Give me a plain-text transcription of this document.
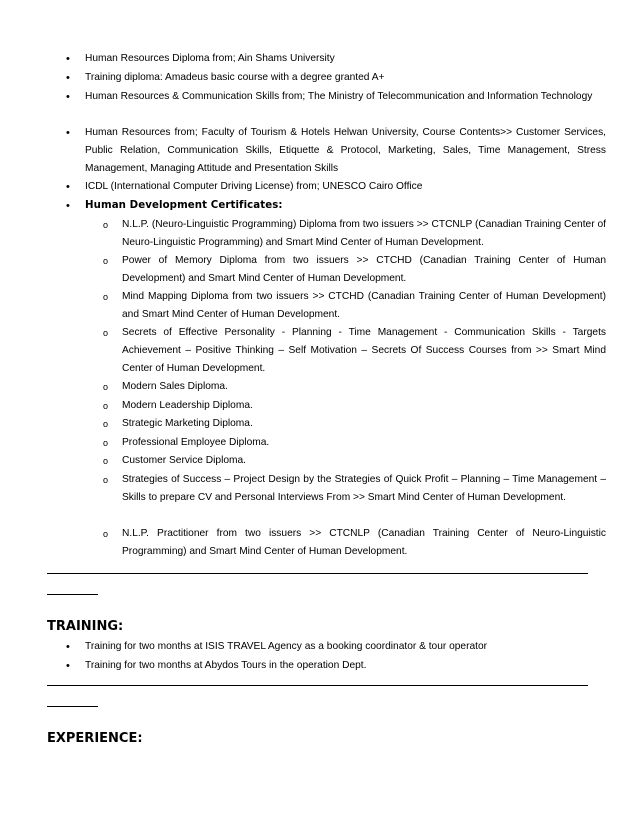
• Human Resources Diploma from; Ain Shams University
• Training diploma: Amadeus basic course with a degree granted A+
• Human Resources & Communication Skills from; The Ministry of Telecommunication and Information Technology
• Human Resources from; Faculty of Tourism & Hotels Helwan University, Course Contents>> Customer Services, Public Relation, Communication Skills, Etiquette & Protocol, Marketing, Sales, Time Management, Stress Management, Managing Attitude and Presentation Skills
• ICDL (International Computer Driving License) from; UNESCO Cairo Office
• Human Development Certificates:
o N.L.P. (Neuro-Linguistic Programming) Diploma from two issuers >> CTCNLP (Canadian Training Center of Neuro-Linguistic Programming) and Smart Mind Center of Human Development.
o Power of Memory Diploma from two issuers >> CTCHD (Canadian Training Center of Human Development) and Smart Mind Center of Human Development.
o Mind Mapping Diploma from two issuers >> CTCHD (Canadian Training Center of Human Development) and Smart Mind Center of Human Development.
o Secrets of Effective Personality - Planning - Time Management - Communication Skills - Targets Achievement – Positive Thinking – Self Motivation – Secrets Of Success Courses from >> Smart Mind Center of Human Development.
o Modern Sales Diploma.
o Modern Leadership Diploma.
o Strategic Marketing Diploma.
o Professional Employee Diploma.
o Customer Service Diploma.
o Strategies of Success – Project Design by the Strategies of Quick Profit – Planning – Time Management – Skills to prepare CV and Personal Interviews From >> Smart Mind Center of Human Development.
o N.L.P. Practitioner from two issuers >> CTCNLP (Canadian Training Center of Neuro-Linguistic Programming) and Smart Mind Center of Human Development.
TRAINING:
• Training for two months at ISIS TRAVEL Agency as a booking coordinator & tour operator
• Training for two months at Abydos Tours in the operation Dept.
EXPERIENCE:
